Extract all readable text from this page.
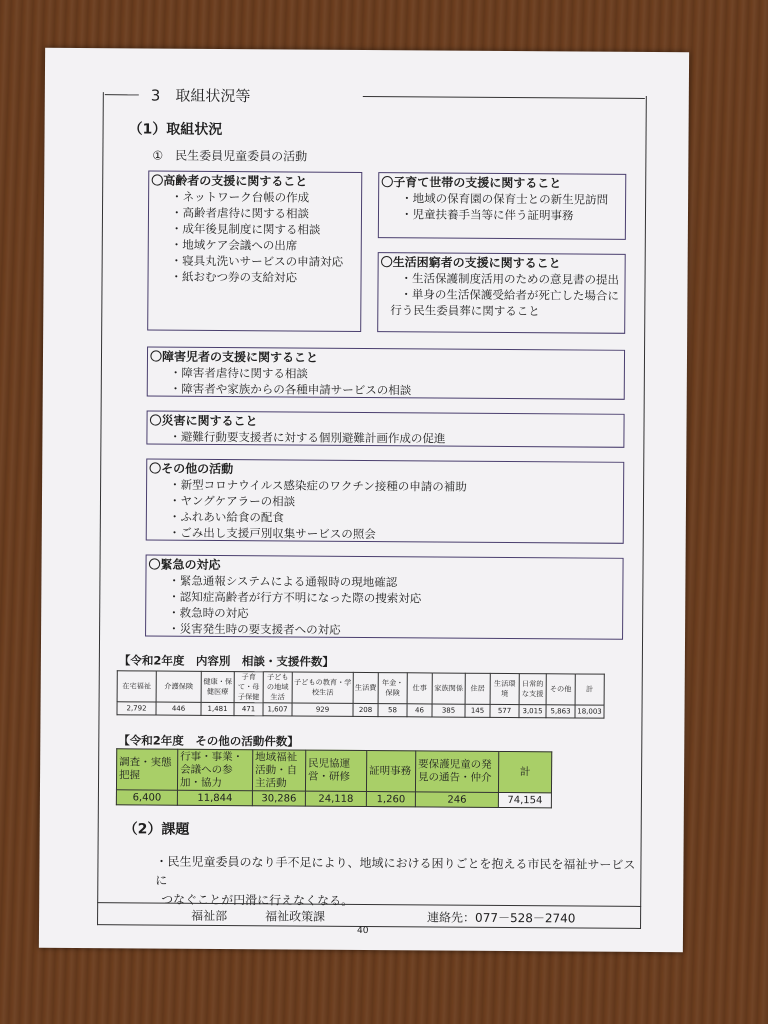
3　取組状況等
（1）取組状況
①　民生委員児童委員の活動
〇高齢者の支援に関すること
・ ネットワーク台帳の作成
・ 高齢者虐待に関する相談
・ 成年後見制度に関する相談
・ 地域ケア会議への出席
・ 寝具丸洗いサービスの申請対応
・ 紙おむつ券の支給対応
〇子育て世帯の支援に関すること
・ 地域の保育園の保育士との新生児訪問
・ 児童扶養手当等に伴う証明事務
〇生活困窮者の支援に関すること
・ 生活保護制度活用のための意見書の提出
・ 単身の生活保護受給者が死亡した場合に
行う民生委員葬に関すること
〇障害児者の支援に関すること
・ 障害者虐待に関する相談
・ 障害者や家族からの各種申請サービスの相談
〇災害に関すること
・ 避難行動要支援者に対する個別避難計画作成の促進
〇その他の活動
・ 新型コロナウイルス感染症のワクチン接種の申請の補助
・ ヤングケアラーの相談
・ ふれあい給食の配食
・ ごみ出し支援戸別収集サービスの照会
〇緊急の対応
・ 緊急通報システムによる通報時の現地確認
・ 認知症高齢者が行方不明になった際の捜索対応
・ 救急時の対応
・ 災害発生時の要支援者への対応
【令和2年度　内容別　相談・支援件数】
在宅福祉	介護保険	健康・保健医療	子育て・母子保健	子どもの地域生活	子どもの教育・学校生活	生活費	年金・保険	仕事	家族関係	住居	生活環境	日常的な支援	その他	計
2,792	446	1,481	471	1,607	929	208	58	46	385	145	577	3,015	5,863	18,003
【令和2年度　その他の活動件数】
調査・実態把握	行事・事業・会議への参加・協力	地域福祉活動・自主活動	民児協運営・研修	証明事務	要保護児童の発見の通告・仲介	計
6,400	11,844	30,286	24,118	1,260	246	74,154
（2）課題
・民生児童委員のなり手不足により、地域における困りごとを抱える市民を福祉サービスに
つなぐことが円滑に行えなくなる。
福祉部	福祉政策課	連絡先：077－528－2740
40
